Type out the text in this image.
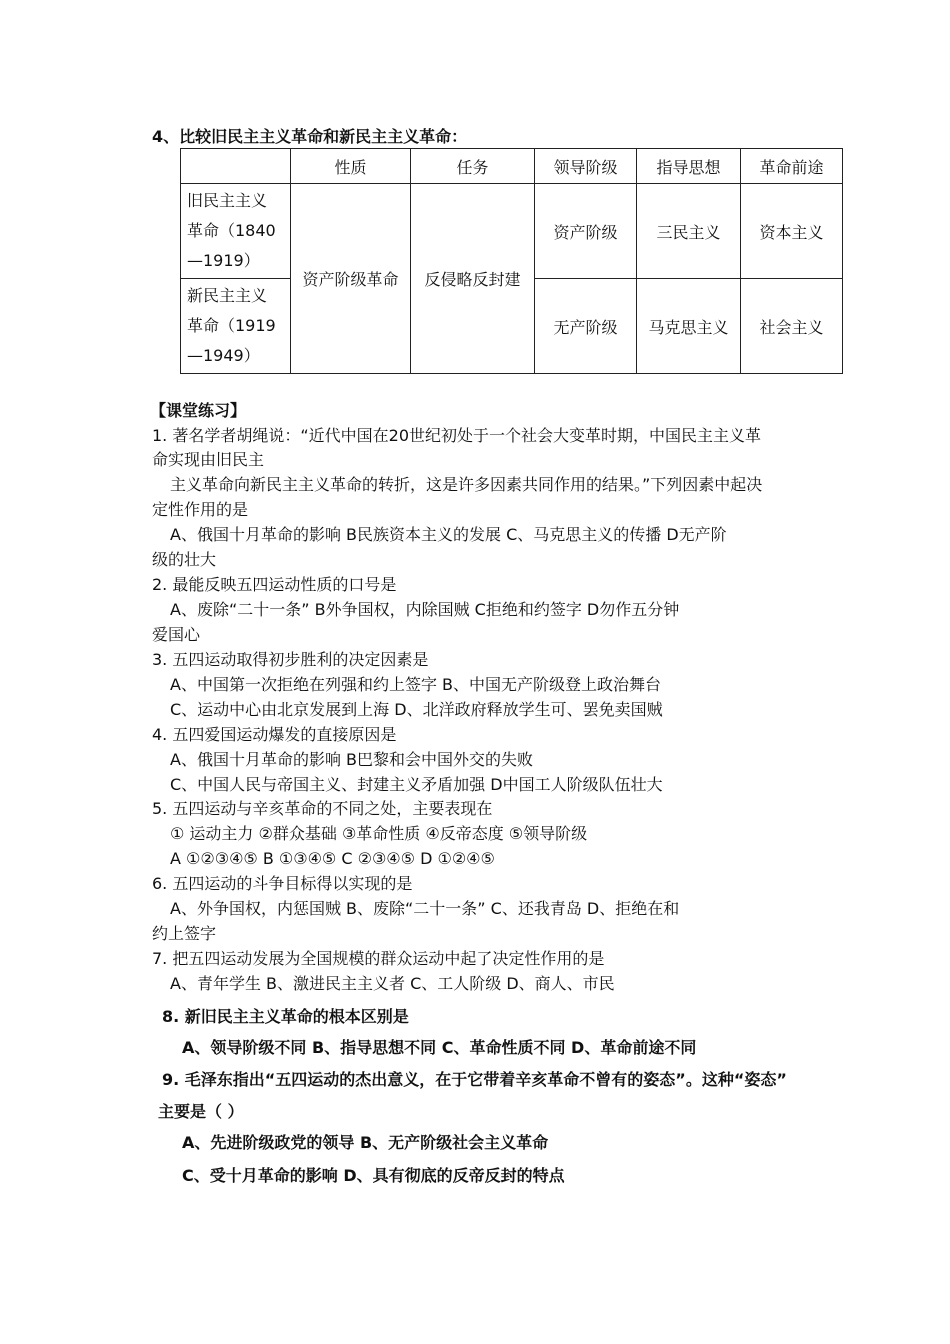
4、比较旧民主主义革命和新民主主义革命：
	性质	任务	领导阶级	指导思想	革命前途

旧民主主义
革命（1840
—1919）	资产阶级革命	反侵略反封建	资产阶级	三民主义	资本主义

新民主主义
革命（1919
—1949）			无产阶级	马克思主义	社会主义
【课堂练习】
1. 著名学者胡绳说：“近代中国在20世纪初处于一个社会大变革时期，中国民主主义革
命实现由旧民主
主义革命向新民主主义革命的转折，这是许多因素共同作用的结果。”下列因素中起决
定性作用的是
A、俄国十月革命的影响 B民族资本主义的发展 C、马克思主义的传播 D无产阶
级的壮大
2. 最能反映五四运动性质的口号是
A、废除“二十一条” B外争国权，内除国贼 C拒绝和约签字 D勿作五分钟
爱国心
3. 五四运动取得初步胜利的决定因素是
A、中国第一次拒绝在列强和约上签字 B、中国无产阶级登上政治舞台
C、运动中心由北京发展到上海 D、北洋政府释放学生可、罢免卖国贼
4. 五四爱国运动爆发的直接原因是
A、俄国十月革命的影响 B巴黎和会中国外交的失败
C、中国人民与帝国主义、封建主义矛盾加强 D中国工人阶级队伍壮大
5. 五四运动与辛亥革命的不同之处，主要表现在
① 运动主力 ②群众基础 ③革命性质 ④反帝态度 ⑤领导阶级
A ①②③④⑤ B ①③④⑤ C ②③④⑤ D ①②④⑤
6. 五四运动的斗争目标得以实现的是
A、外争国权，内惩国贼 B、废除“二十一条” C、还我青岛 D、拒绝在和
约上签字
7. 把五四运动发展为全国规模的群众运动中起了决定性作用的是
A、青年学生 B、激进民主主义者 C、工人阶级 D、商人、市民
8. 新旧民主主义革命的根本区别是
A、领导阶级不同 B、指导思想不同 C、革命性质不同 D、革命前途不同
9. 毛泽东指出“五四运动的杰出意义，在于它带着辛亥革命不曾有的姿态”。这种“姿态”
主要是（ ）
A、先进阶级政党的领导 B、无产阶级社会主义革命
C、受十月革命的影响 D、具有彻底的反帝反封的特点
